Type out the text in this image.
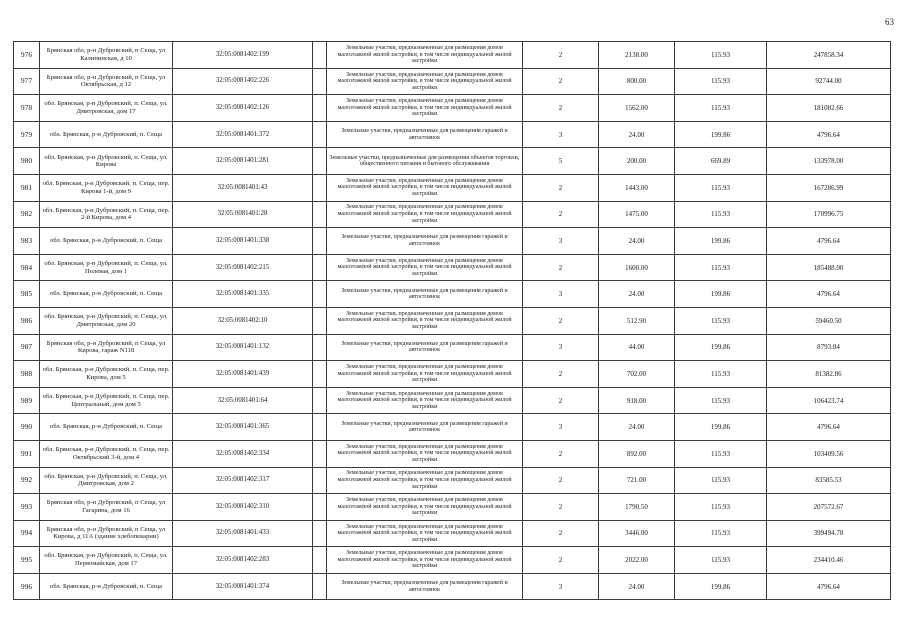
63
976	Брянская обл, р-н Дубровский, п Сеща, ул Калининская, д 10	32:05:0081402:199		Земельные участки, предназначенные для размещения домов малоэтажной жилой застройки, в том числе индивидуальной жилой застройки	2	2138.00	115.93	247858.34
977	Брянская обл, р-н Дубровский, п Сеща, ул Октябрьская, д 12	32:05:0081402:226		Земельные участки, предназначенные для размещения домов малоэтажной жилой застройки, в том числе индивидуальной жилой застройки	2	800.00	115.93	92744.00
978	обл. Брянская, р-н Дубровский, п. Сеща, ул. Дмитровская, дом 17	32:05:0081402:126		Земельные участки, предназначенные для размещения домов малоэтажной жилой застройки, в том числе индивидуальной жилой застройки	2	1562.00	115.93	181082.66
979	обл. Брянская, р-н Дубровский, п. Сеща	32:05:0081401:372		Земельные участки, предназначенные для размещения гаражей и автостоянок	3	24.00	199.86	4796.64
980	обл. Брянская, р-н Дубровский, п. Сеща, ул. Кирова	32:05:0081401:281		Земельные участки, предназначенные для размещения объектов торговли, общественного питания и бытового обслуживания	5	200.00	669.89	133978.00
981	обл. Брянская, р-н Дубровский, п. Сеща, пер. Кирова 1-й, дом 9	32:05:0081401:43		Земельные участки, предназначенные для размещения домов малоэтажной жилой застройки, в том числе индивидуальной жилой застройки	2	1443.00	115.93	167286.99
982	обл. Брянская, р-н Дубровский, п. Сеща, пер. 2-й Кирова, дом 4	32:05:0081401:28		Земельные участки, предназначенные для размещения домов малоэтажной жилой застройки, в том числе индивидуальной жилой застройки	2	1475.00	115.93	170996.75
983	обл. Брянская, р-н Дубровский, п. Сеща	32:05:0081401:338		Земельные участки, предназначенные для размещения гаражей и автостоянок	3	24.00	199.86	4796.64
984	обл. Брянская, р-н Дубровский, п. Сеща, ул. Полевая, дом 1	32:05:0081402:215		Земельные участки, предназначенные для размещения домов малоэтажной жилой застройки, в том числе индивидуальной жилой застройки	2	1600.00	115.93	185488.00
985	обл. Брянская, р-н Дубровский, п. Сеща	32:05:0081401:335		Земельные участки, предназначенные для размещения гаражей и автостоянок	3	24.00	199.86	4796.64
986	обл. Брянская, р-н Дубровский, п. Сеща, ул. Дмитровская, дом 20	32:05:0081402:10		Земельные участки, предназначенные для размещения домов малоэтажной жилой застройки, в том числе индивидуальной жилой застройки	2	512.90	115.93	59460.50
987	Брянская обл, р-н Дубровский, п Сеща, ул Кирова, гараж N118	32:05:0081401:132		Земельные участки, предназначенные для размещения гаражей и автостоянок	3	44.00	199.86	8793.84
988	обл. Брянская, р-н Дубровский, п. Сеща, пер. Кирова, дом 5	32:05:0081401:439		Земельные участки, предназначенные для размещения домов малоэтажной жилой застройки, в том числе индивидуальной жилой застройки	2	702.00	115.93	81382.86
989	обл. Брянская, р-н Дубровский, п. Сеща, пер. Центральный, дом дом 5	32:05:0081401:64		Земельные участки, предназначенные для размещения домов малоэтажной жилой застройки, в том числе индивидуальной жилой застройки	2	918.00	115.93	106423.74
990	обл. Брянская, р-н Дубровский, п. Сеща	32:05:0081401:365		Земельные участки, предназначенные для размещения гаражей и автостоянок	3	24.00	199.86	4796.64
991	обл. Брянская, р-н Дубровский, п. Сеща, пер. Октябрьский 3-й, дом 4	32:05:0081402:334		Земельные участки, предназначенные для размещения домов малоэтажной жилой застройки, в том числе индивидуальной жилой застройки	2	892.00	115.93	103409.56
992	обл. Брянская, р-н Дубровский, п. Сеща, ул. Дмитровская, дом 2	32:05:0081402:317		Земельные участки, предназначенные для размещения домов малоэтажной жилой застройки, в том числе индивидуальной жилой застройки	2	721.00	115.93	83585.53
993	Брянская обл, р-н Дубровский, п Сеща, ул Гагарина, дом 16	32:05:0081402:310		Земельные участки, предназначенные для размещения домов малоэтажной жилой застройки, в том числе индивидуальной жилой застройки	2	1790.50	115.93	207572.67
994	Брянская обл, р-н Дубровский, п Сеща, ул Кирова, д 11А (здание хлебопекарни)	32:05:0081401:433		Земельные участки, предназначенные для размещения домов малоэтажной жилой застройки, в том числе индивидуальной жилой застройки	2	3446.00	115.93	399494.78
995	обл. Брянская, р-н Дубровский, п. Сеща, ул. Первомайская, дом 17	32:05:0081402:283		Земельные участки, предназначенные для размещения домов малоэтажной жилой застройки, в том числе индивидуальной жилой застройки	2	2022.00	115.93	234410.46
996	обл. Брянская, р-н Дубровский, п. Сеща	32:05:0081401:374		Земельные участки, предназначенные для размещения гаражей и автостоянок	3	24.00	199.86	4796.64
